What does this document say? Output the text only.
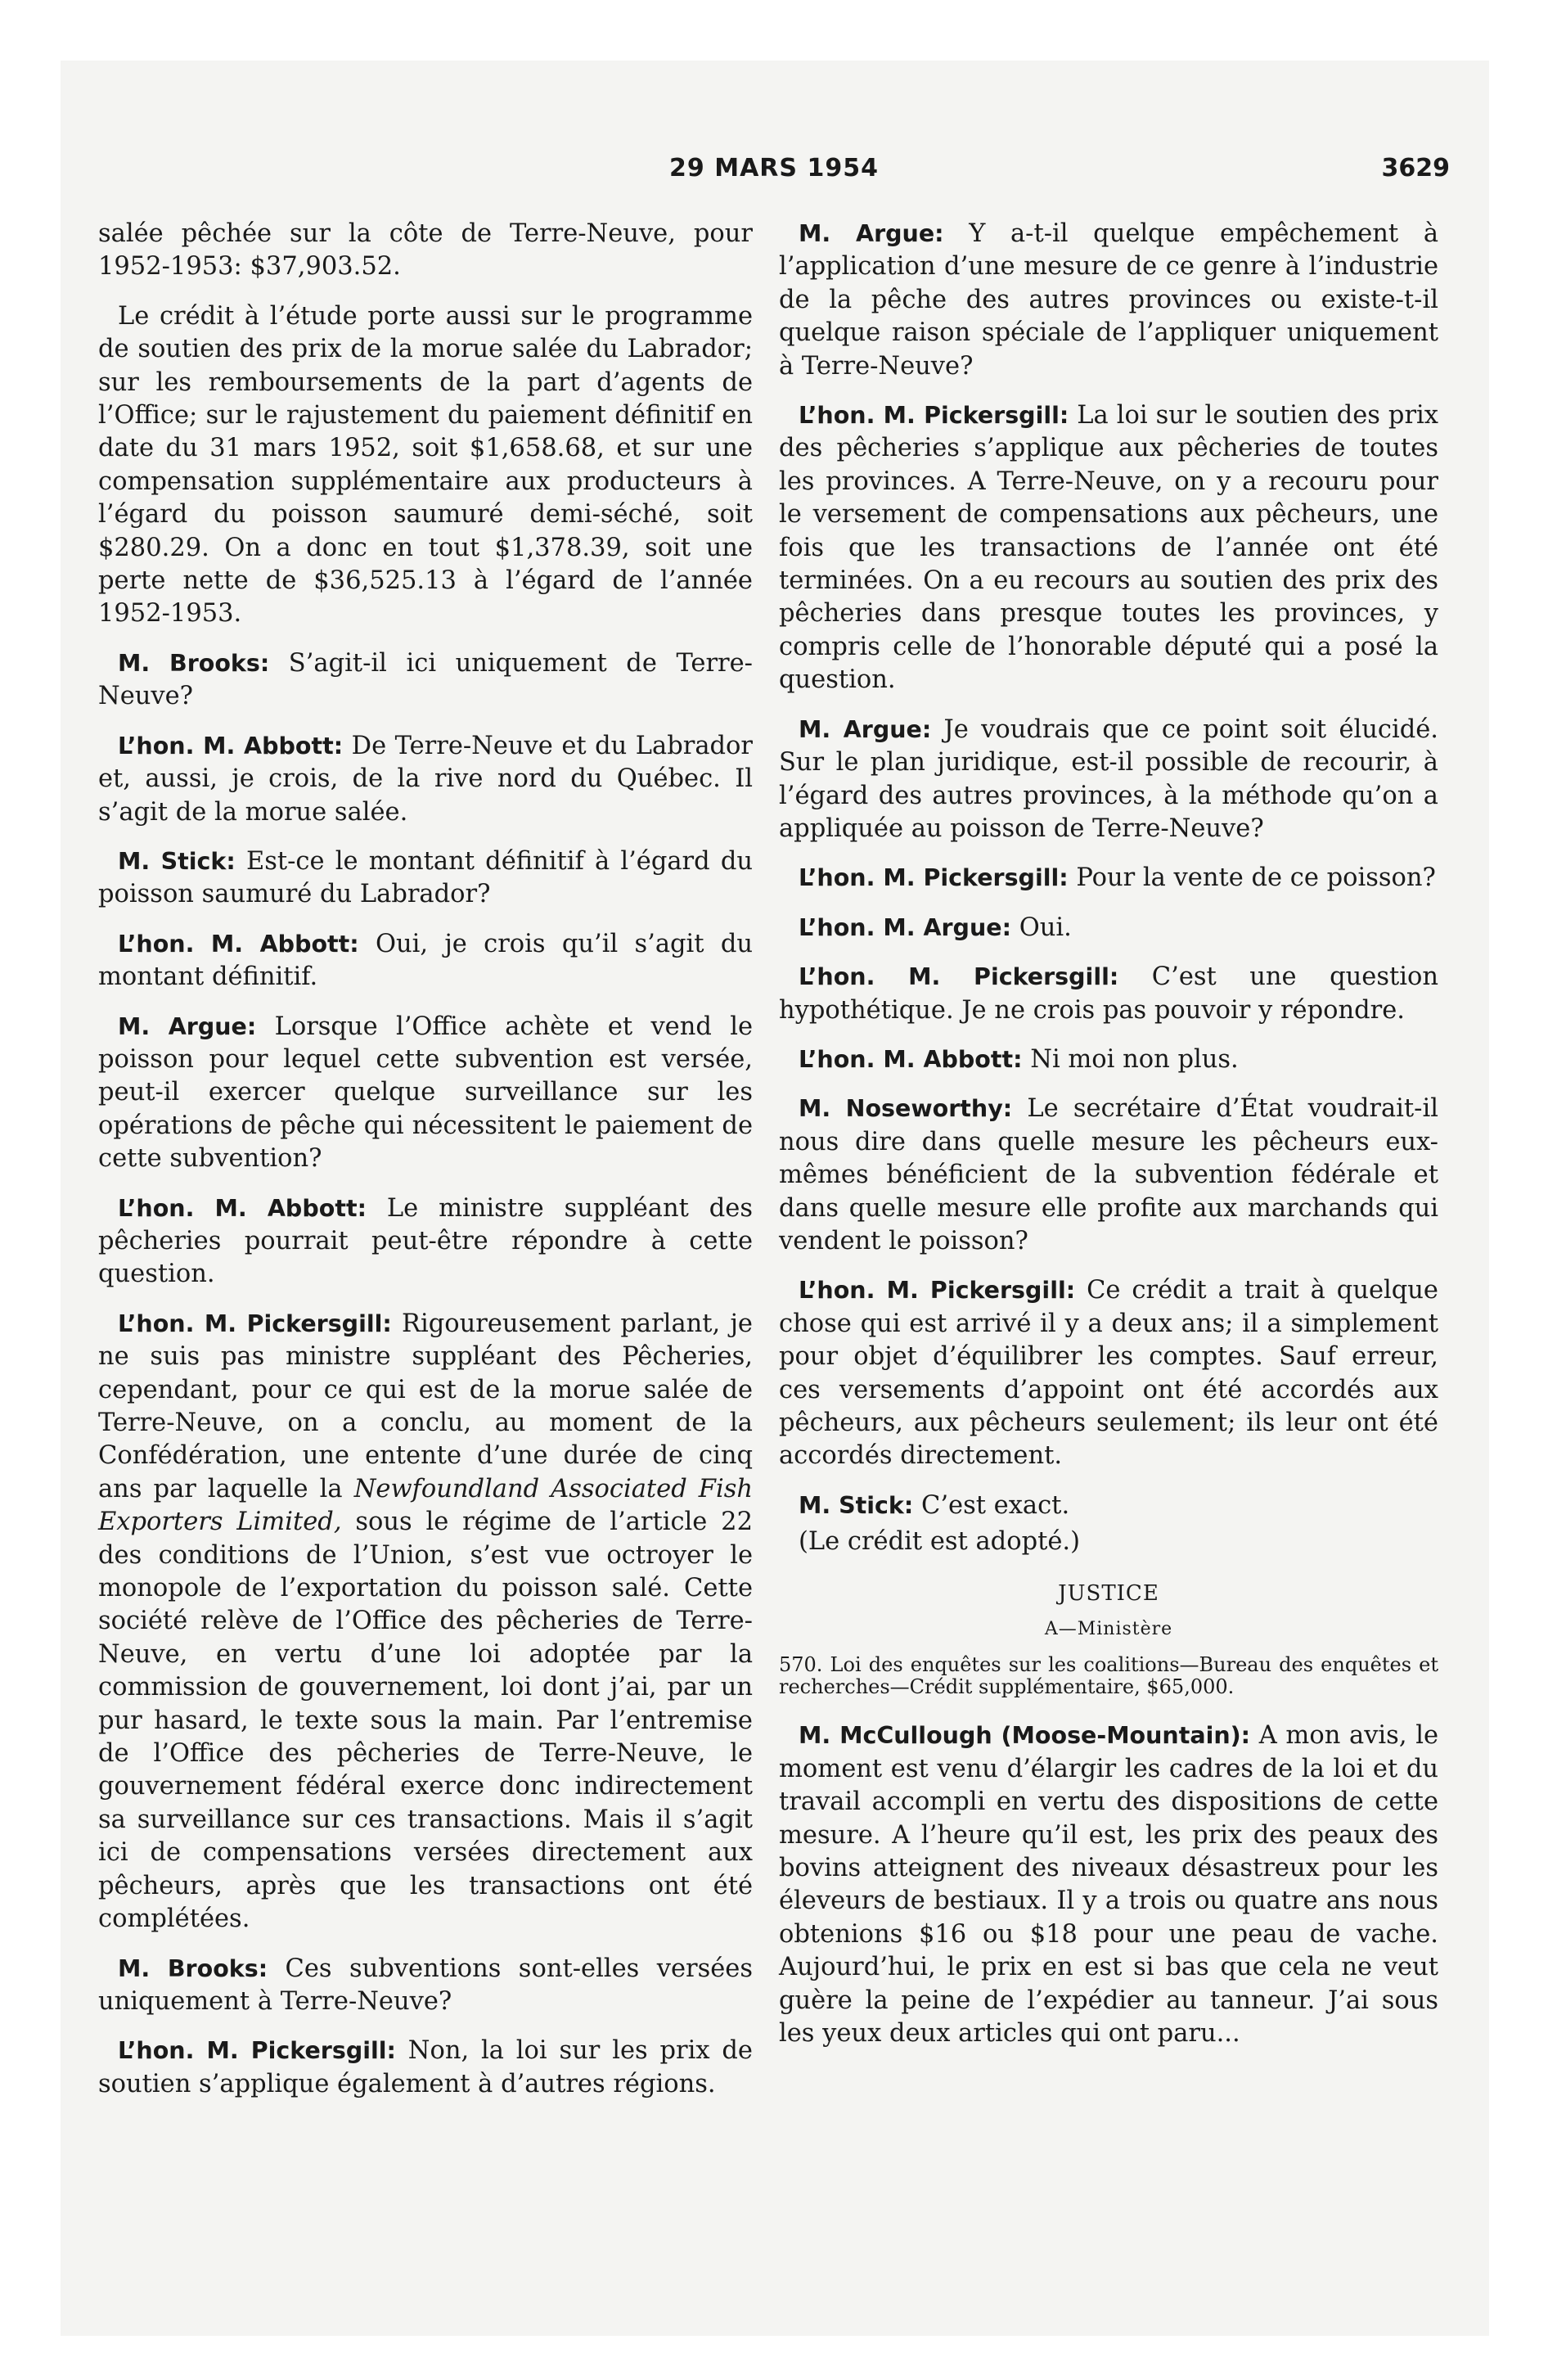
29 MARS 1954	3629

salée pêchée sur la côte de Terre-Neuve, pour 1952-1953: $37,903.52.

Le crédit à l’étude porte aussi sur le programme de soutien des prix de la morue salée du Labrador; sur les remboursements de la part d’agents de l’Office; sur le rajustement du paiement définitif en date du 31 mars 1952, soit $1,658.68, et sur une compensation supplémentaire aux producteurs à l’égard du poisson saumuré demi-séché, soit $280.29. On a donc en tout $1,378.39, soit une perte nette de $36,525.13 à l’égard de l’année 1952-1953.

M. Brooks: S’agit-il ici uniquement de Terre-Neuve?

L’hon. M. Abbott: De Terre-Neuve et du Labrador et, aussi, je crois, de la rive nord du Québec. Il s’agit de la morue salée.

M. Stick: Est-ce le montant définitif à l’égard du poisson saumuré du Labrador?

L’hon. M. Abbott: Oui, je crois qu’il s’agit du montant définitif.

M. Argue: Lorsque l’Office achète et vend le poisson pour lequel cette subvention est versée, peut-il exercer quelque surveillance sur les opérations de pêche qui nécessitent le paiement de cette subvention?

L’hon. M. Abbott: Le ministre suppléant des pêcheries pourrait peut-être répondre à cette question.

L’hon. M. Pickersgill: Rigoureusement parlant, je ne suis pas ministre suppléant des Pêcheries, cependant, pour ce qui est de la morue salée de Terre-Neuve, on a conclu, au moment de la Confédération, une entente d’une durée de cinq ans par laquelle la Newfoundland Associated Fish Exporters Limited, sous le régime de l’article 22 des conditions de l’Union, s’est vue octroyer le monopole de l’exportation du poisson salé. Cette société relève de l’Office des pêcheries de Terre-Neuve, en vertu d’une loi adoptée par la commission de gouvernement, loi dont j’ai, par un pur hasard, le texte sous la main. Par l’entremise de l’Office des pêcheries de Terre-Neuve, le gouvernement fédéral exerce donc indirectement sa surveillance sur ces transactions. Mais il s’agit ici de compensations versées directement aux pêcheurs, après que les transactions ont été complétées.

M. Brooks: Ces subventions sont-elles versées uniquement à Terre-Neuve?

L’hon. M. Pickersgill: Non, la loi sur les prix de soutien s’applique également à d’autres régions.

M. Argue: Y a-t-il quelque empêchement à l’application d’une mesure de ce genre à l’industrie de la pêche des autres provinces ou existe-t-il quelque raison spéciale de l’appliquer uniquement à Terre-Neuve?

L’hon. M. Pickersgill: La loi sur le soutien des prix des pêcheries s’applique aux pêcheries de toutes les provinces. A Terre-Neuve, on y a recouru pour le versement de compensations aux pêcheurs, une fois que les transactions de l’année ont été terminées. On a eu recours au soutien des prix des pêcheries dans presque toutes les provinces, y compris celle de l’honorable député qui a posé la question.

M. Argue: Je voudrais que ce point soit élucidé. Sur le plan juridique, est-il possible de recourir, à l’égard des autres provinces, à la méthode qu’on a appliquée au poisson de Terre-Neuve?

L’hon. M. Pickersgill: Pour la vente de ce poisson?

L’hon. M. Argue: Oui.

L’hon. M. Pickersgill: C’est une question hypothétique. Je ne crois pas pouvoir y répondre.

L’hon. M. Abbott: Ni moi non plus.

M. Noseworthy: Le secrétaire d’État voudrait-il nous dire dans quelle mesure les pêcheurs eux-mêmes bénéficient de la subvention fédérale et dans quelle mesure elle profite aux marchands qui vendent le poisson?

L’hon. M. Pickersgill: Ce crédit a trait à quelque chose qui est arrivé il y a deux ans; il a simplement pour objet d’équilibrer les comptes. Sauf erreur, ces versements d’appoint ont été accordés aux pêcheurs, aux pêcheurs seulement; ils leur ont été accordés directement.

M. Stick: C’est exact.

(Le crédit est adopté.)

JUSTICE

A—Ministère

570. Loi des enquêtes sur les coalitions—Bureau des enquêtes et recherches—Crédit supplémentaire, $65,000.

M. McCullough (Moose-Mountain): A mon avis, le moment est venu d’élargir les cadres de la loi et du travail accompli en vertu des dispositions de cette mesure. A l’heure qu’il est, les prix des peaux des bovins atteignent des niveaux désastreux pour les éleveurs de bestiaux. Il y a trois ou quatre ans nous obtenions $16 ou $18 pour une peau de vache. Aujourd’hui, le prix en est si bas que cela ne veut guère la peine de l’expédier au tanneur. J’ai sous les yeux deux articles qui ont paru...
